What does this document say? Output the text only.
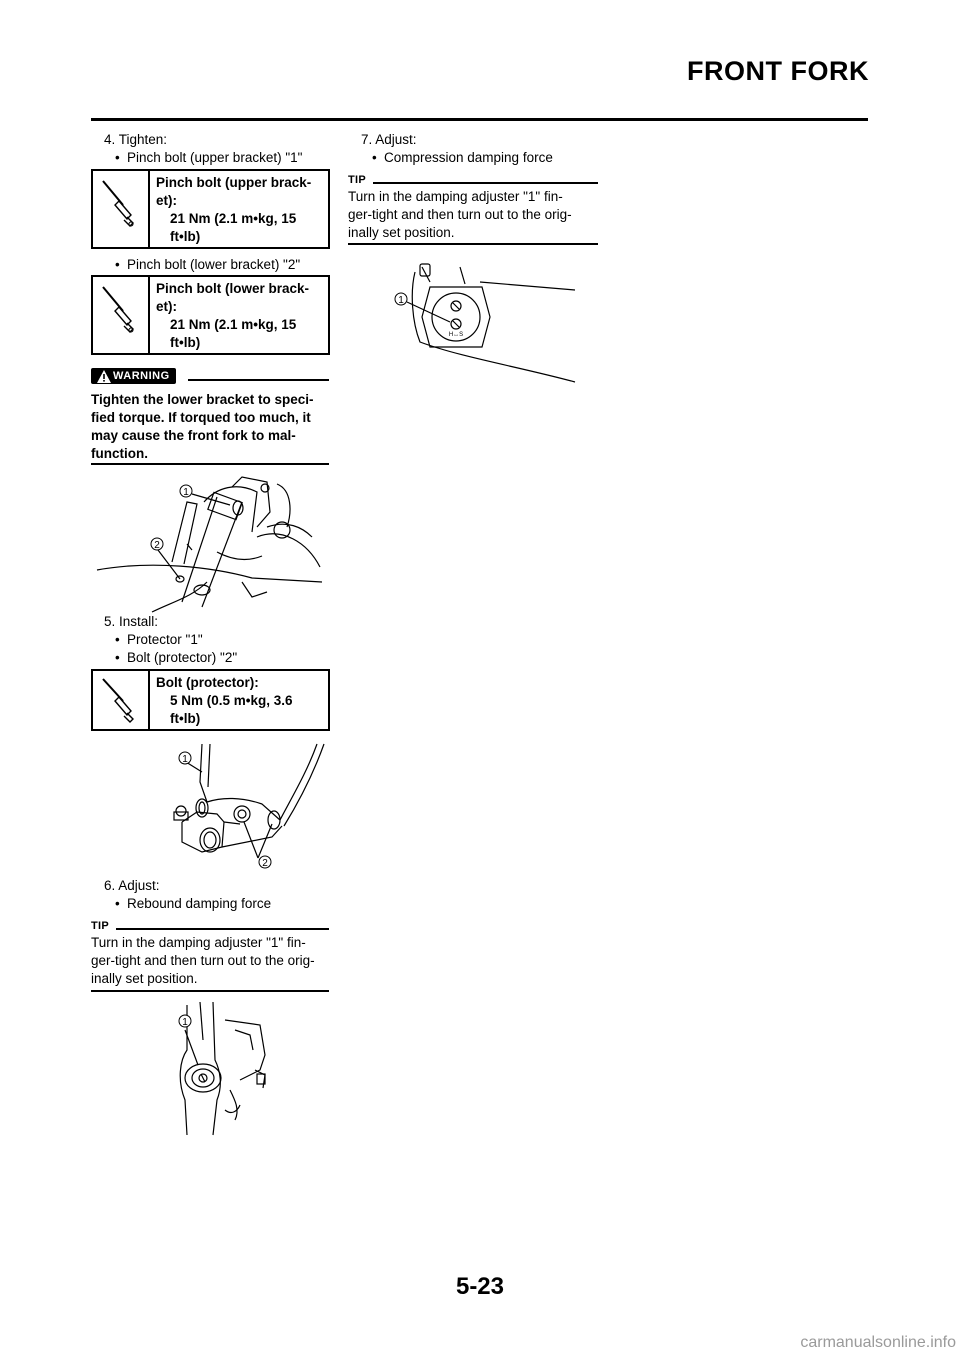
FRONT FORK
4. Tighten:
• Pinch bolt (upper bracket) "1"
Pinch bolt (upper brack-
et):
21 Nm (2.1 m•kg, 15
ft•lb)
• Pinch bolt (lower bracket) "2"
Pinch bolt (lower brack-
et):
21 Nm (2.1 m•kg, 15
ft•lb)
WARNING
Tighten the lower bracket to speci-
fied torque. If torqued too much, it
may cause the front fork to mal-
function.
1
2
5. Install:
• Protector "1"
• Bolt (protector) "2"
Bolt (protector):
5 Nm (0.5 m•kg, 3.6
ft•lb)
1
2
6. Adjust:
• Rebound damping force
TIP
Turn in the damping adjuster "1" fin-
ger-tight and then turn out to the orig-
inally set position.
1
7. Adjust:
• Compression damping force
TIP
Turn in the damping adjuster "1" fin-
ger-tight and then turn out to the orig-
inally set position.
H↔S
1
5-23
carmanualsonline.info
